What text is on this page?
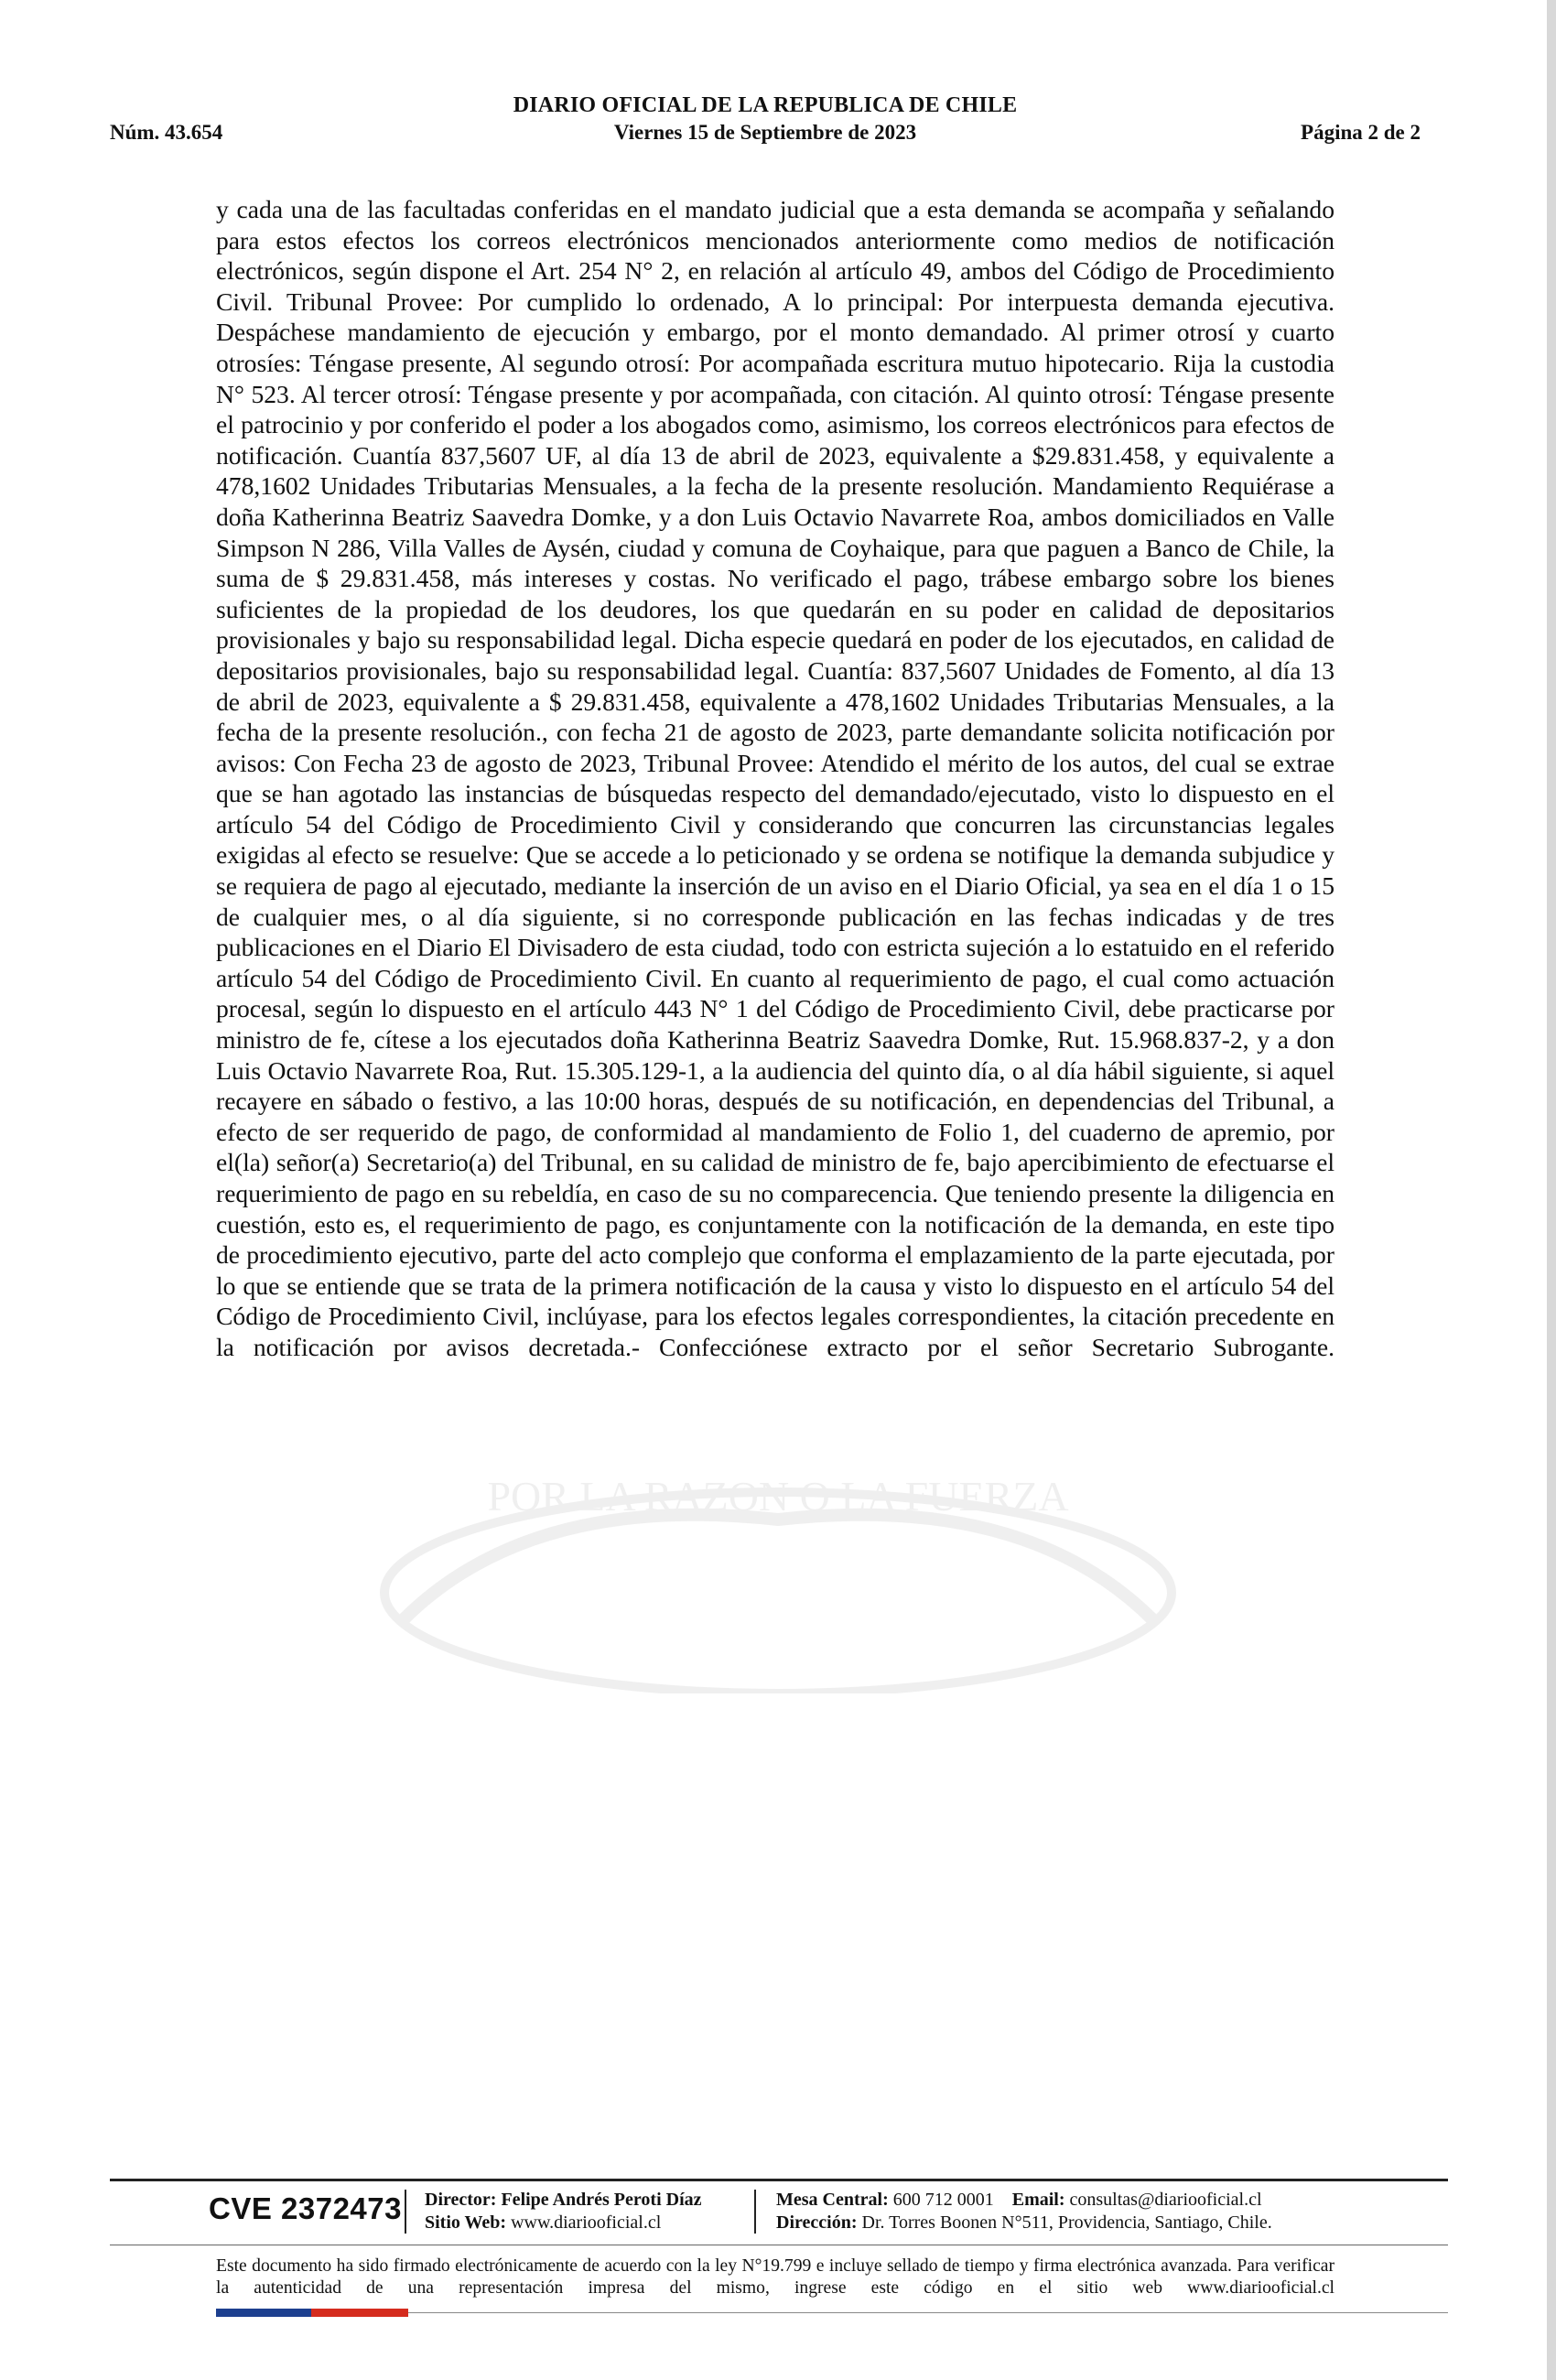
DIARIO OFICIAL DE LA REPUBLICA DE CHILE
Núm. 43.654	Viernes 15 de Septiembre de 2023	Página 2 de 2
POR LA RAZON O LA FUERZA

y cada una de las facultadas conferidas en el mandato judicial que a esta demanda se acompaña y señalando para estos efectos los correos electrónicos mencionados anteriormente como medios de notificación electrónicos, según dispone el Art. 254 N° 2, en relación al artículo 49, ambos del Código de Procedimiento Civil. Tribunal Provee: Por cumplido lo ordenado, A lo principal: Por interpuesta demanda ejecutiva. Despáchese mandamiento de ejecución y embargo, por el monto demandado. Al primer otrosí y cuarto otrosíes: Téngase presente, Al segundo otrosí: Por acompañada escritura mutuo hipotecario. Rija la custodia N° 523. Al tercer otrosí: Téngase presente y por acompañada, con citación. Al quinto otrosí: Téngase presente el patrocinio y por conferido el poder a los abogados como, asimismo, los correos electrónicos para efectos de notificación. Cuantía 837,5607 UF, al día 13 de abril de 2023, equivalente a $29.831.458, y equivalente a 478,1602 Unidades Tributarias Mensuales, a la fecha de la presente resolución. Mandamiento Requiérase a doña Katherinna Beatriz Saavedra Domke, y a don Luis Octavio Navarrete Roa, ambos domiciliados en Valle Simpson N 286, Villa Valles de Aysén, ciudad y comuna de Coyhaique, para que paguen a Banco de Chile, la suma de $ 29.831.458, más intereses y costas. No verificado el pago, trábese embargo sobre los bienes suficientes de la propiedad de los deudores, los que quedarán en su poder en calidad de depositarios provisionales y bajo su responsabilidad legal. Dicha especie quedará en poder de los ejecutados, en calidad de depositarios provisionales, bajo su responsabilidad legal. Cuantía: 837,5607 Unidades de Fomento, al día 13 de abril de 2023, equivalente a $ 29.831.458, equivalente a 478,1602 Unidades Tributarias Mensuales, a la fecha de la presente resolución., con fecha 21 de agosto de 2023, parte demandante solicita notificación por avisos: Con Fecha 23 de agosto de 2023, Tribunal Provee: Atendido el mérito de los autos, del cual se extrae que se han agotado las instancias de búsquedas respecto del demandado/ejecutado, visto lo dispuesto en el artículo 54 del Código de Procedimiento Civil y considerando que concurren las circunstancias legales exigidas al efecto se resuelve: Que se accede a lo peticionado y se ordena se notifique la demanda subjudice y se requiera de pago al ejecutado, mediante la inserción de un aviso en el Diario Oficial, ya sea en el día 1 o 15 de cualquier mes, o al día siguiente, si no corresponde publicación en las fechas indicadas y de tres publicaciones en el Diario El Divisadero de esta ciudad, todo con estricta sujeción a lo estatuido en el referido artículo 54 del Código de Procedimiento Civil. En cuanto al requerimiento de pago, el cual como actuación procesal, según lo dispuesto en el artículo 443 N° 1 del Código de Procedimiento Civil, debe practicarse por ministro de fe, cítese a los ejecutados doña Katherinna Beatriz Saavedra Domke, Rut. 15.968.837-2, y a don Luis Octavio Navarrete Roa, Rut. 15.305.129-1, a la audiencia del quinto día, o al día hábil siguiente, si aquel recayere en sábado o festivo, a las 10:00 horas, después de su notificación, en dependencias del Tribunal, a efecto de ser requerido de pago, de conformidad al mandamiento de Folio 1, del cuaderno de apremio, por el(la) señor(a) Secretario(a) del Tribunal, en su calidad de ministro de fe, bajo apercibimiento de efectuarse el requerimiento de pago en su rebeldía, en caso de su no comparecencia. Que teniendo presente la diligencia en cuestión, esto es, el requerimiento de pago, es conjuntamente con la notificación de la demanda, en este tipo de procedimiento ejecutivo, parte del acto complejo que conforma el emplazamiento de la parte ejecutada, por lo que se entiende que se trata de la primera notificación de la causa y visto lo dispuesto en el artículo 54 del Código de Procedimiento Civil, inclúyase, para los efectos legales correspondientes, la citación precedente en la notificación por avisos decretada.- Confecciónese extracto por el señor Secretario Subrogante.

CVE 2372473 Director: Felipe Andrés Peroti Díaz
Sitio Web: www.diariooficial.cl
Mesa Central: 600 712 0001 Email: consultas@diariooficial.cl
Dirección: Dr. Torres Boonen N°511, Providencia, Santiago, Chile.

Este documento ha sido firmado electrónicamente de acuerdo con la ley N°19.799 e incluye sellado de tiempo y firma electrónica avanzada. Para verificar la autenticidad de una representación impresa del mismo, ingrese este código en el sitio web www.diariooficial.cl
